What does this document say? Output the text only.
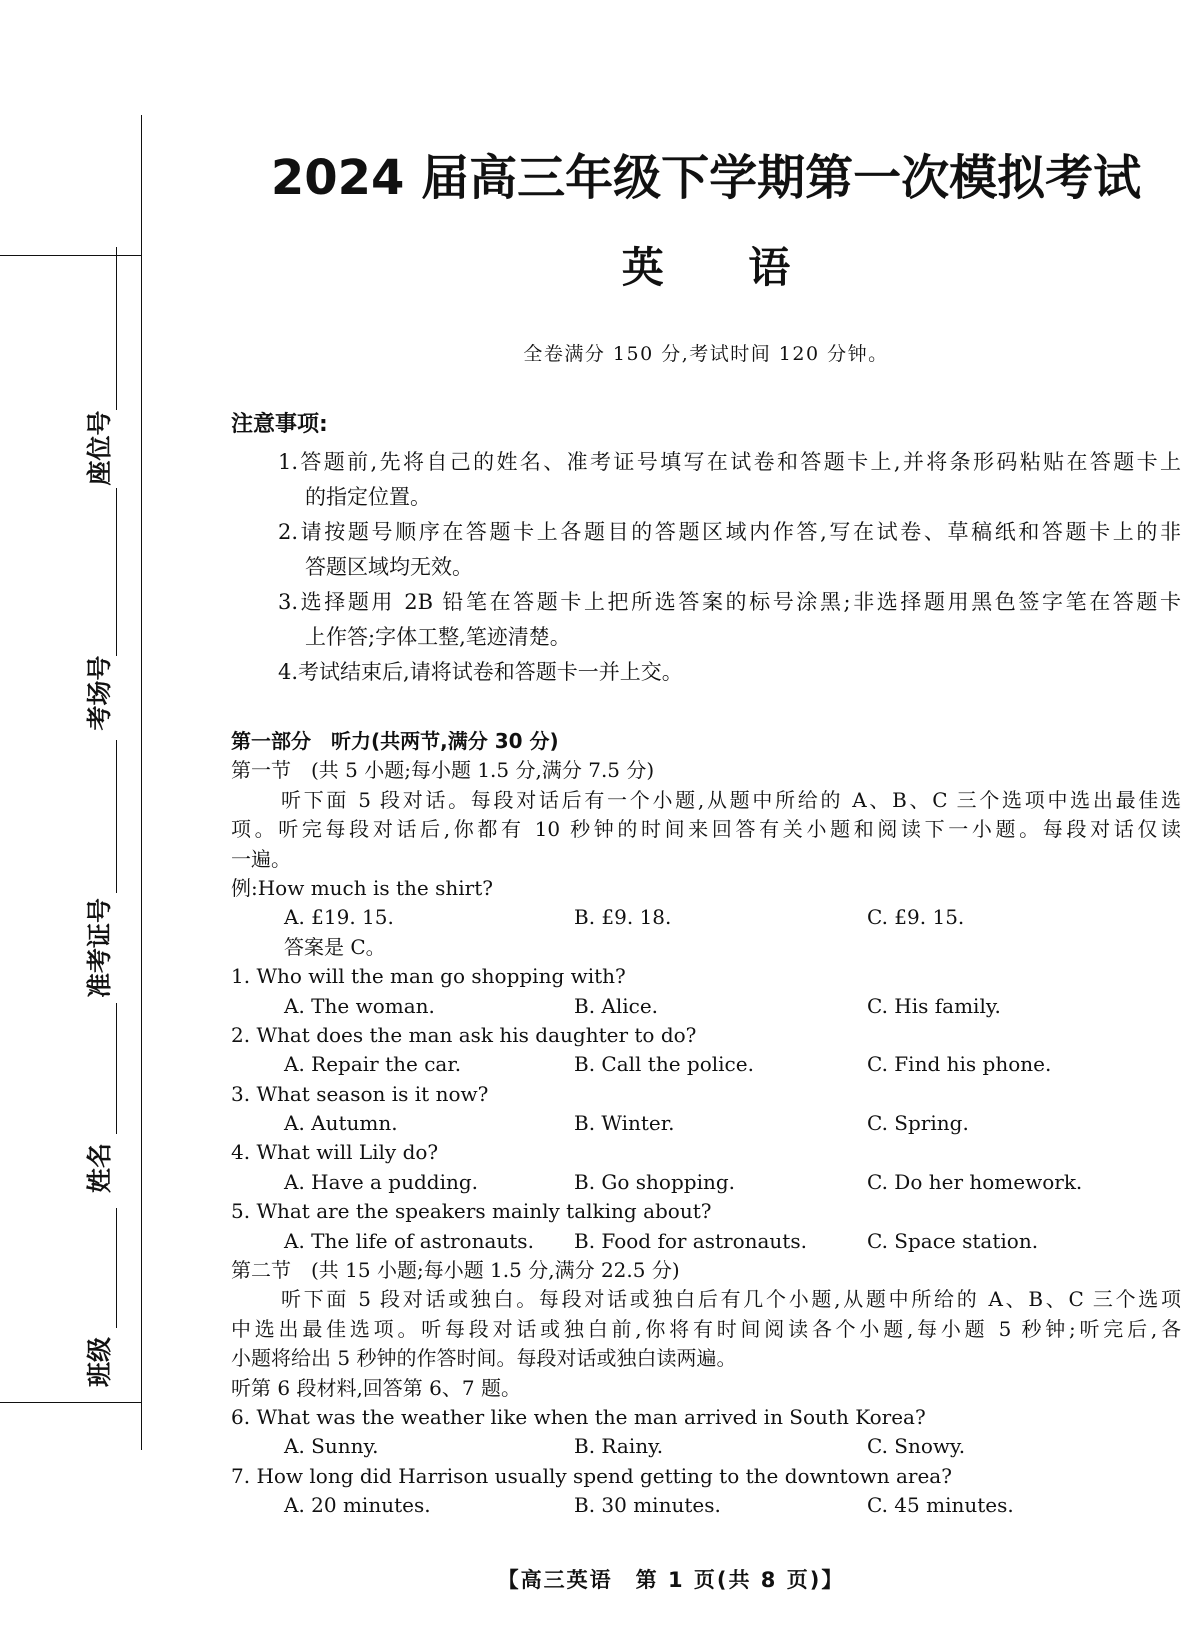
座位号
考场号
准考证号
姓名
班级
2024 届高三年级下学期第一次模拟考试
英 语
全卷满分 150 分,考试时间 120 分钟。
注意事项:
1.答题前,先将自己的姓名、准考证号填写在试卷和答题卡上,并将条形码粘贴在答题卡上
的指定位置。
2.请按题号顺序在答题卡上各题目的答题区域内作答,写在试卷、草稿纸和答题卡上的非
答题区域均无效。
3.选择题用 2B 铅笔在答题卡上把所选答案的标号涂黑;非选择题用黑色签字笔在答题卡
上作答;字体工整,笔迹清楚。
4.考试结束后,请将试卷和答题卡一并上交。
第一部分　听力(共两节,满分 30 分)
第一节　(共 5 小题;每小题 1.5 分,满分 7.5 分)
听下面 5 段对话。每段对话后有一个小题,从题中所给的 A、B、C 三个选项中选出最佳选
项。听完每段对话后,你都有 10 秒钟的时间来回答有关小题和阅读下一小题。每段对话仅读
一遍。
例:How much is the shirt?
A. £19. 15.	B. £9. 18.	C. £9. 15.
答案是 C。
1. Who will the man go shopping with?
A. The woman.	B. Alice.	C. His family.
2. What does the man ask his daughter to do?
A. Repair the car.	B. Call the police.	C. Find his phone.
3. What season is it now?
A. Autumn.	B. Winter.	C. Spring.
4. What will Lily do?
A. Have a pudding.	B. Go shopping.	C. Do her homework.
5. What are the speakers mainly talking about?
A. The life of astronauts. B. Food for astronauts.	C. Space station.
第二节　(共 15 小题;每小题 1.5 分,满分 22.5 分)
听下面 5 段对话或独白。每段对话或独白后有几个小题,从题中所给的 A、B、C 三个选项
中选出最佳选项。听每段对话或独白前,你将有时间阅读各个小题,每小题 5 秒钟;听完后,各
小题将给出 5 秒钟的作答时间。每段对话或独白读两遍。
听第 6 段材料,回答第 6、7 题。
6. What was the weather like when the man arrived in South Korea?
A. Sunny.	B. Rainy.	C. Snowy.
7. How long did Harrison usually spend getting to the downtown area?
A. 20 minutes.	B. 30 minutes.	C. 45 minutes.
【高三英语　第 1 页(共 8 页)】
